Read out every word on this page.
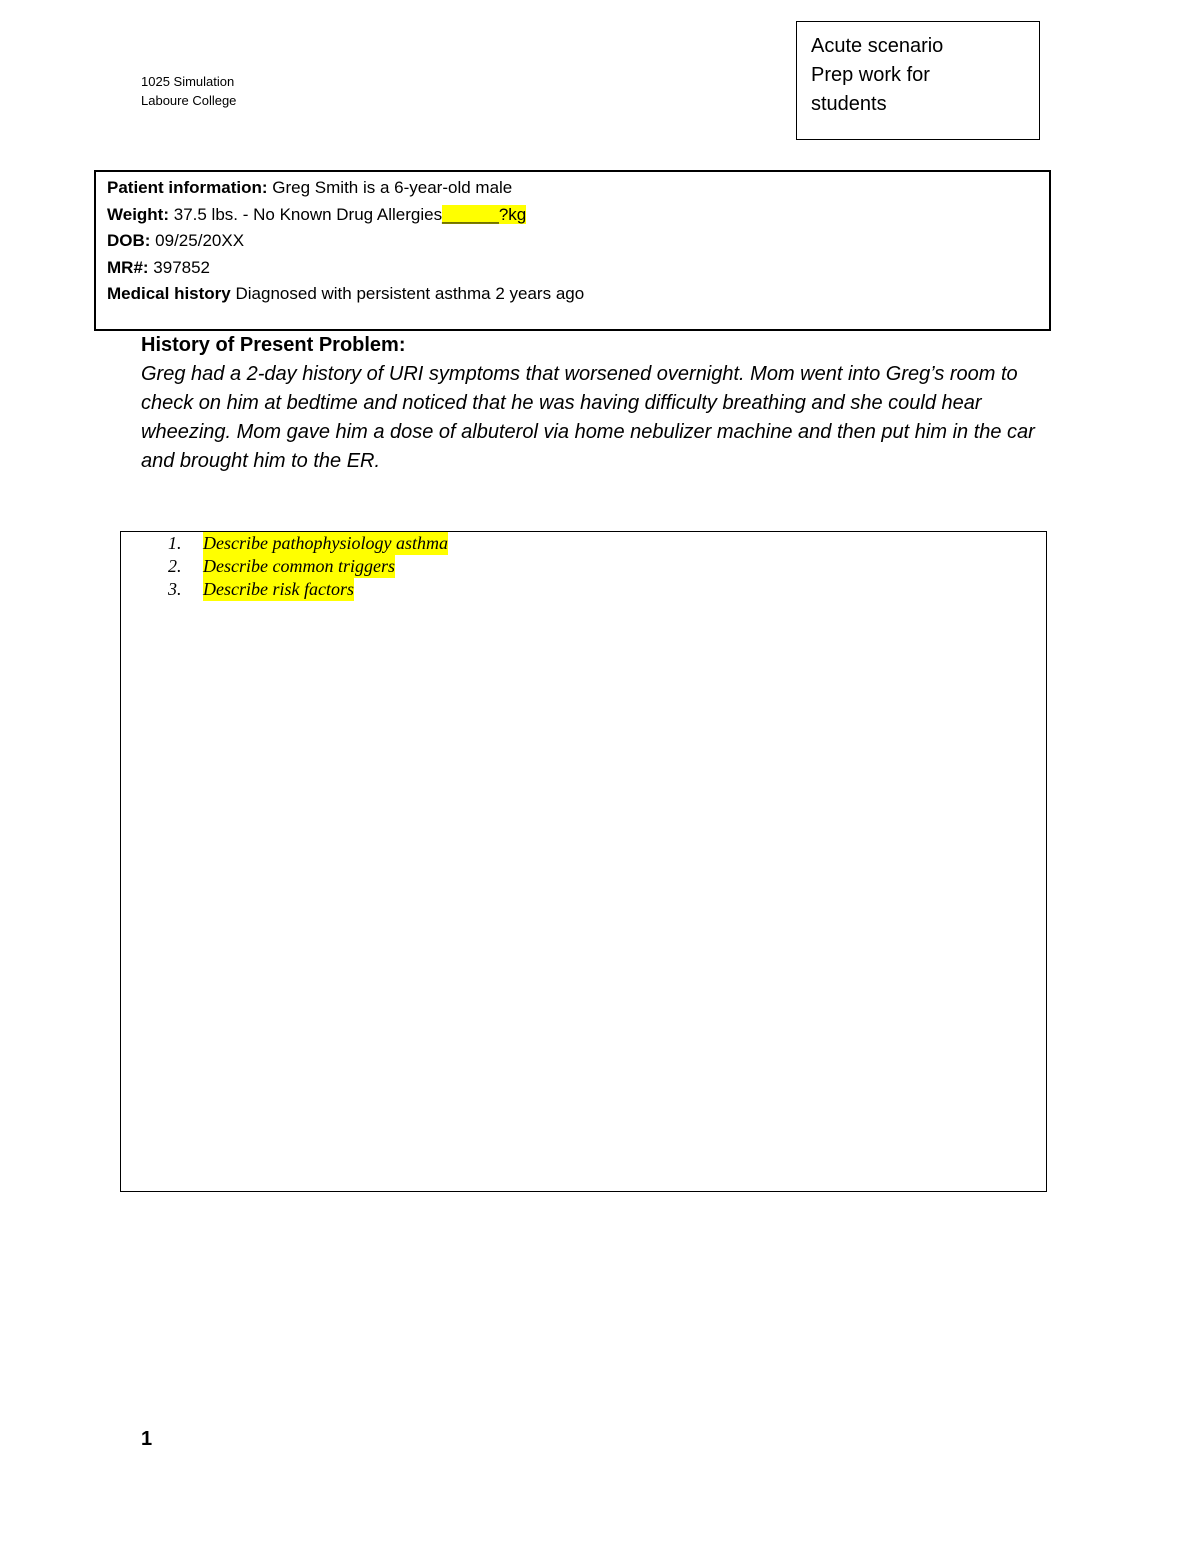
1025 Simulation
Laboure College
Acute scenario
Prep work for
students
Patient information: Greg Smith is a 6-year-old male
Weight: 37.5 lbs. - No Known Drug Allergies______?kg
DOB: 09/25/20XX
MR#: 397852
Medical history Diagnosed with persistent asthma 2 years ago
History of Present Problem:
Greg had a 2-day history of URI symptoms that worsened overnight. Mom went into Greg’s room to check on him at bedtime and noticed that he was having difficulty breathing and she could hear wheezing. Mom gave him a dose of albuterol via home nebulizer machine and then put him in the car and brought him to the ER.
1.	Describe pathophysiology asthma
2.	Describe common triggers
3.	Describe risk factors
1
